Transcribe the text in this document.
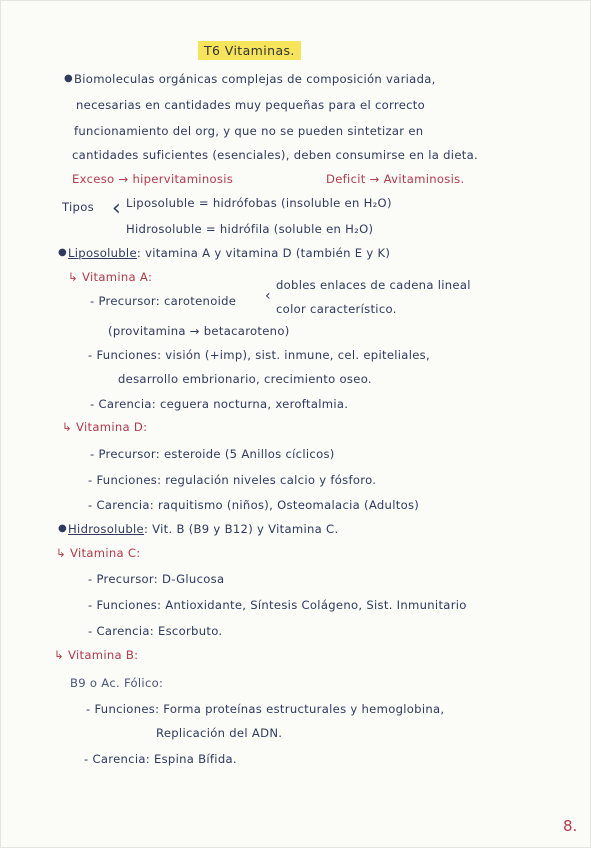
T6 Vitaminas.
●Biomoleculas orgánicas complejas de composición variada,
necesarias en cantidades muy pequeñas para el correcto
funcionamiento del org, y que no se pueden sintetizar en
cantidades suficientes (esenciales), deben consumirse en la dieta.
Exceso → hipervitaminosis	Deficit → Avitaminosis.
Tipos ‹ Liposoluble = hidrófobas (insoluble en H₂O)
Hidrosoluble = hidrófila (soluble en H₂O)
●Liposoluble: vitamina A y vitamina D (también E y K)
↳ Vitamina A:
dobles enlaces de cadena lineal
- Precursor: carotenoide ‹
color característico.
(provitamina → betacaroteno)
- Funciones: visión (+imp), sist. inmune, cel. epiteliales,
desarrollo embrionario, crecimiento oseo.
- Carencia: ceguera nocturna, xeroftalmia.
↳ Vitamina D:
- Precursor: esteroide (5 Anillos cíclicos)
- Funciones: regulación niveles calcio y fósforo.
- Carencia: raquitismo (niños), Osteomalacia (Adultos)
●Hidrosoluble: Vit. B (B9 y B12) y Vitamina C.
↳ Vitamina C:
- Precursor: D-Glucosa
- Funciones: Antioxidante, Síntesis Colágeno, Sist. Inmunitario
- Carencia: Escorbuto.
↳ Vitamina B:
B9 o Ac. Fólico:
- Funciones: Forma proteínas estructurales y hemoglobina,
Replicación del ADN.
- Carencia: Espina Bífida.
8.
